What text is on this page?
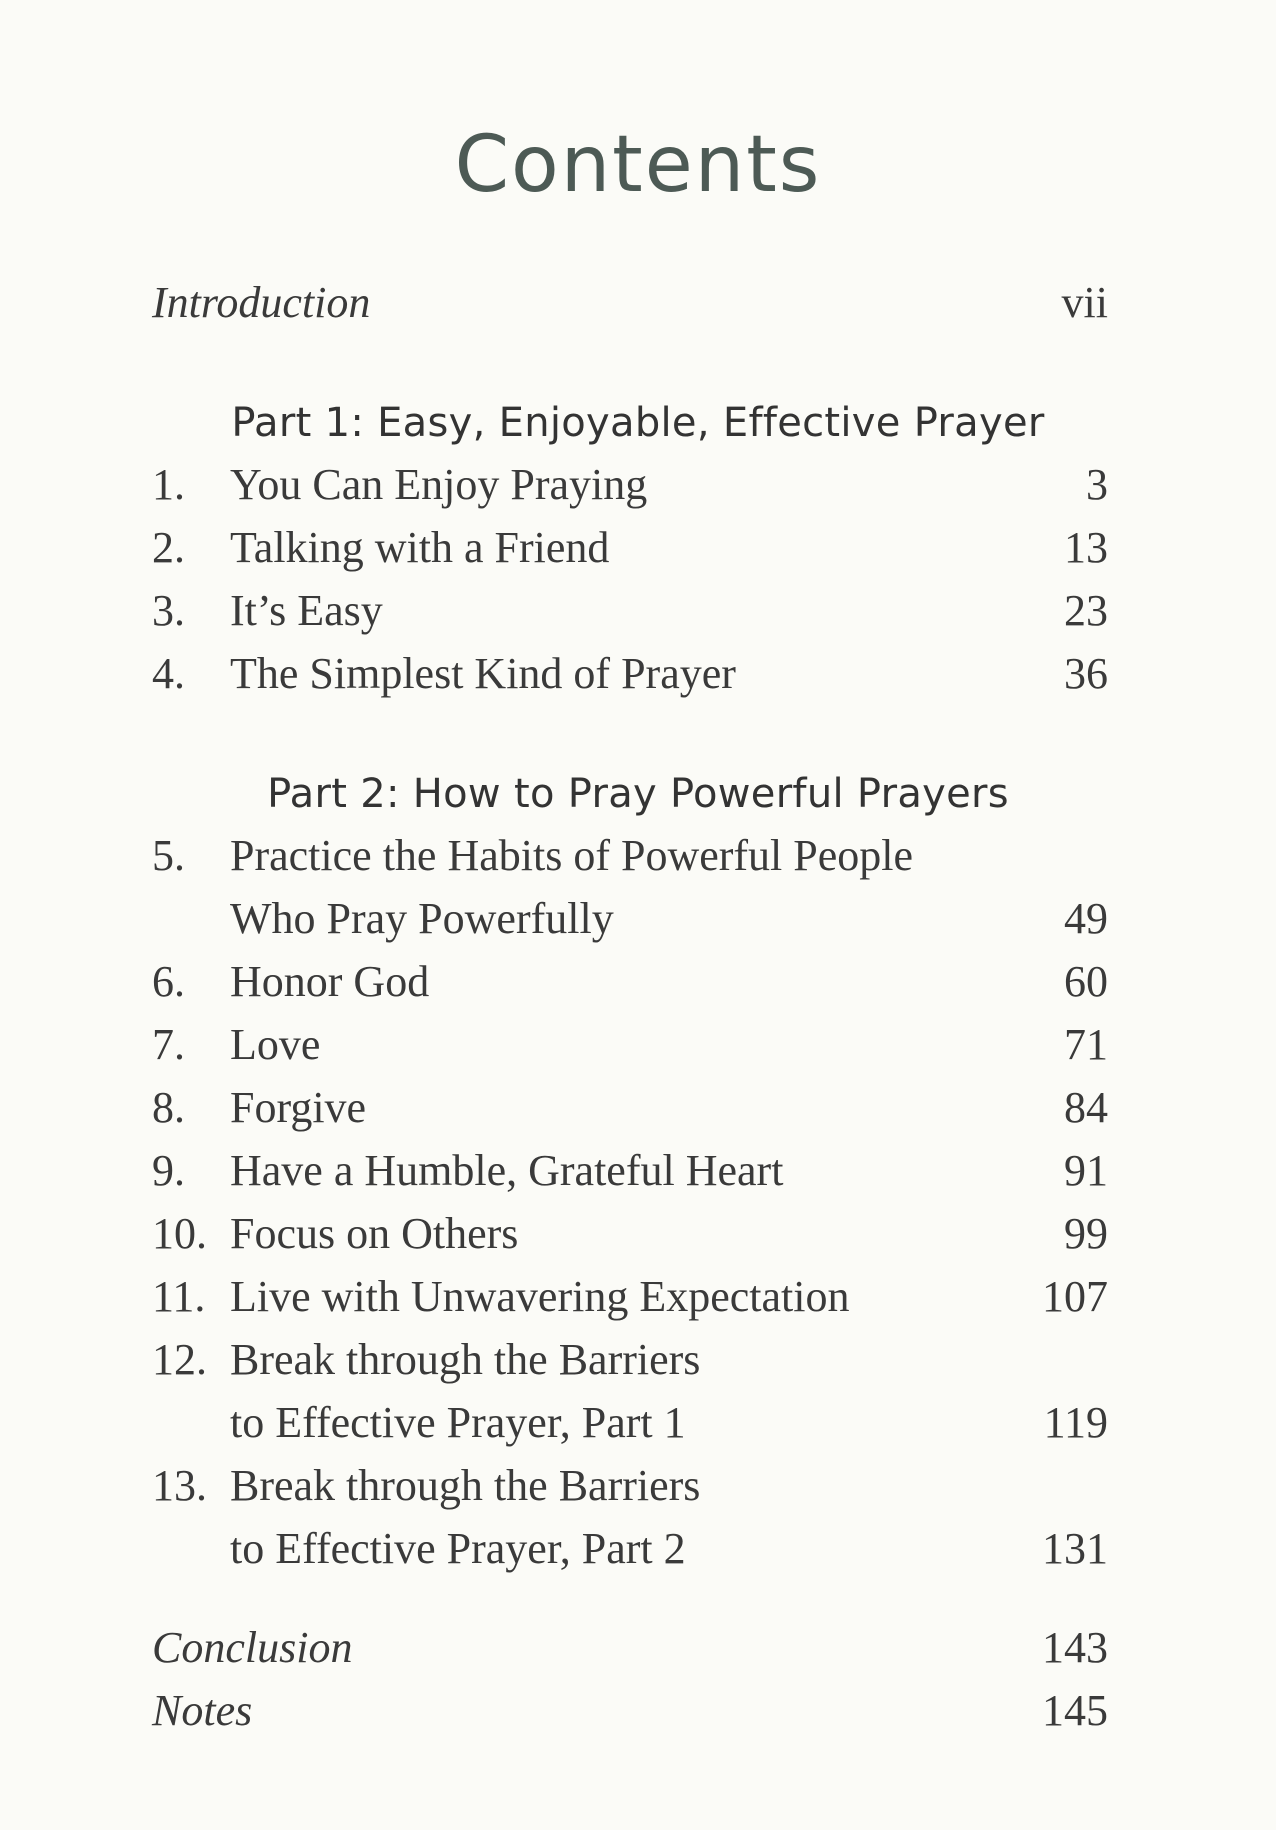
Contents
Introduction	vii
Part 1: Easy, Enjoyable, Effective Prayer
1. You Can Enjoy Praying	3
2. Talking with a Friend	13
3. It’s Easy	23
4. The Simplest Kind of Prayer	36
Part 2: How to Pray Powerful Prayers
5. Practice the Habits of Powerful People
Who Pray Powerfully	49
6. Honor God	60
7. Love	71
8. Forgive	84
9. Have a Humble, Grateful Heart	91
10. Focus on Others	99
11. Live with Unwavering Expectation	107
12. Break through the Barriers
to Effective Prayer, Part 1	119
13. Break through the Barriers
to Effective Prayer, Part 2	131
Conclusion	143
Notes	145
